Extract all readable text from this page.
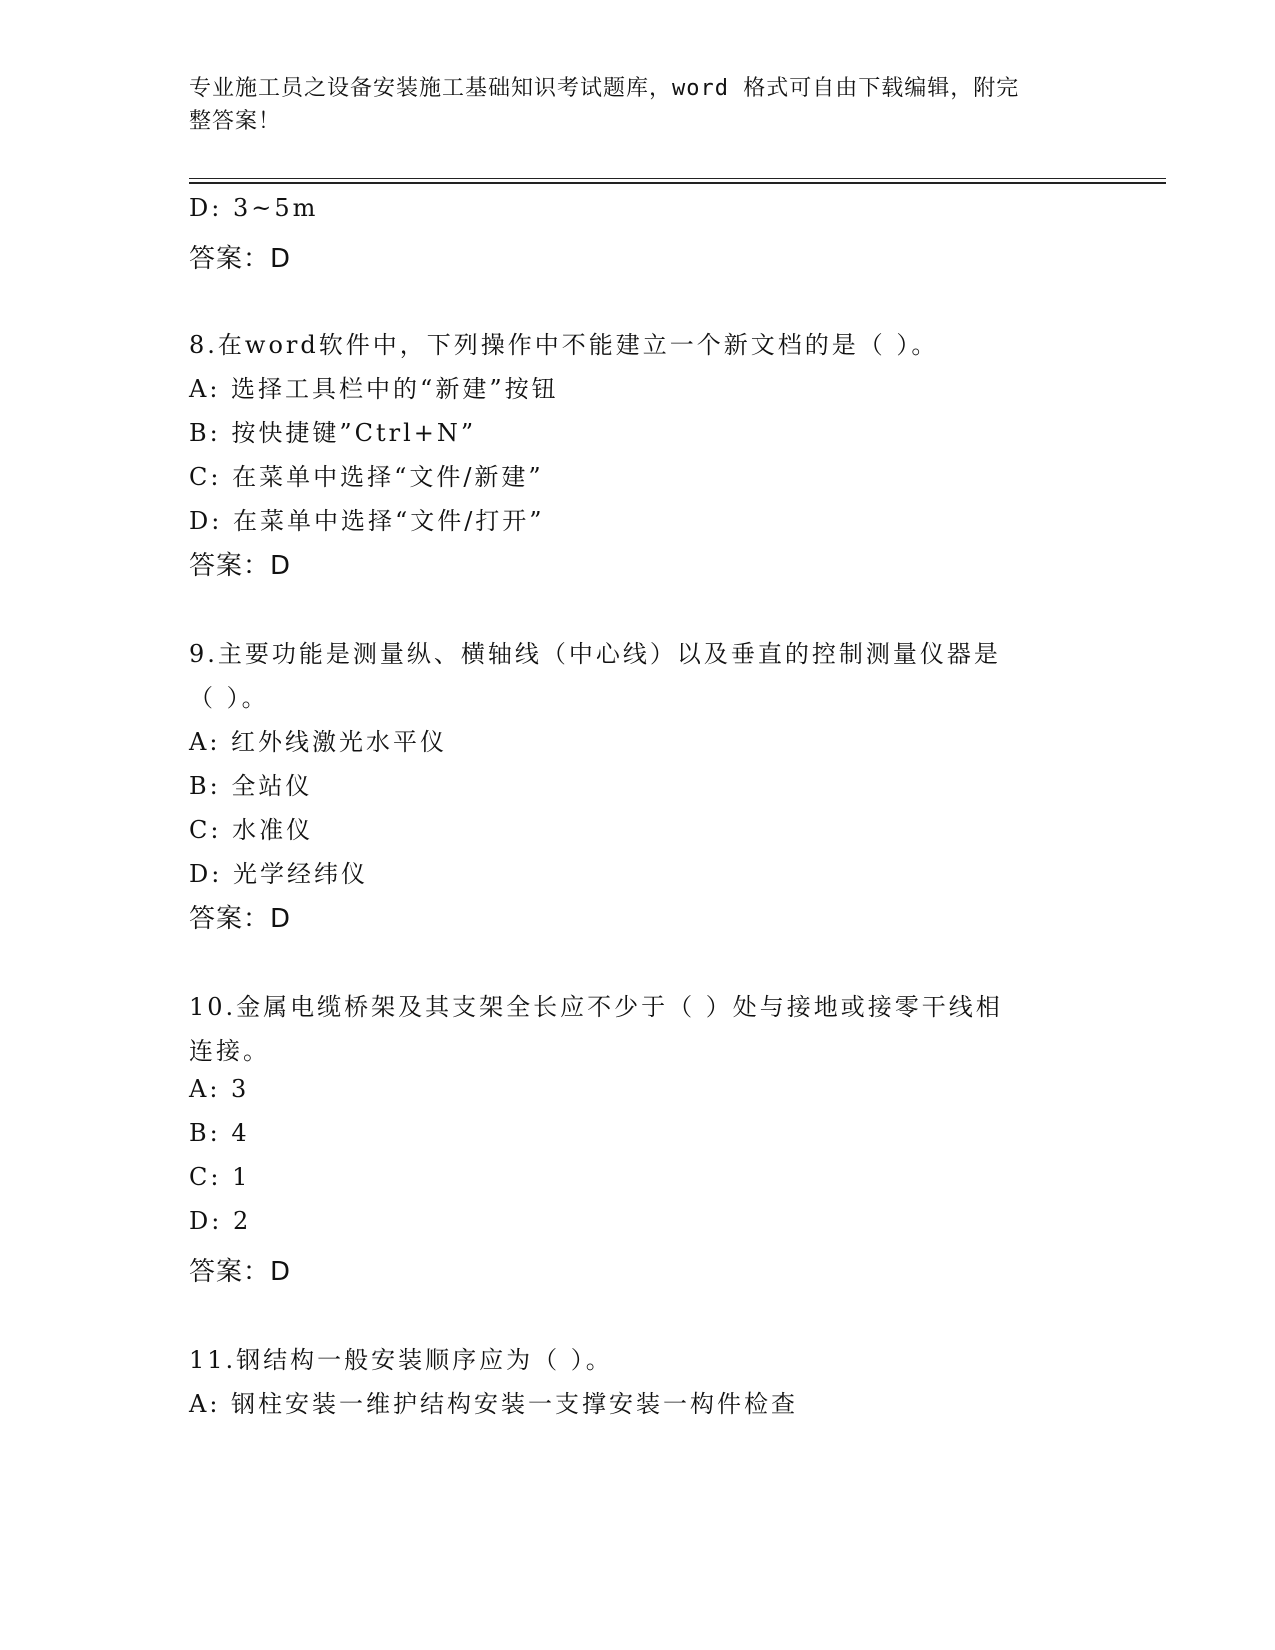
专业施工员之设备安装施工基础知识考试题库，word 格式可自由下载编辑，附完
整答案！
D: 3~5m
答案：D
8.在word软件中，下列操作中不能建立一个新文档的是（ ）。
A: 选择工具栏中的“新建”按钮
B: 按快捷键”Ctrl+N”
C: 在菜单中选择“文件/新建”
D: 在菜单中选择“文件/打开”
答案：D
9.主要功能是测量纵、横轴线（中心线）以及垂直的控制测量仪器是
（ ）。
A: 红外线激光水平仪
B: 全站仪
C: 水准仪
D: 光学经纬仪
答案：D
10.金属电缆桥架及其支架全长应不少于（ ）处与接地或接零干线相
连接。
A: 3
B: 4
C: 1
D: 2
答案：D
11.钢结构一般安装顺序应为（ ）。
A: 钢柱安装一维护结构安装一支撑安装一构件检查
